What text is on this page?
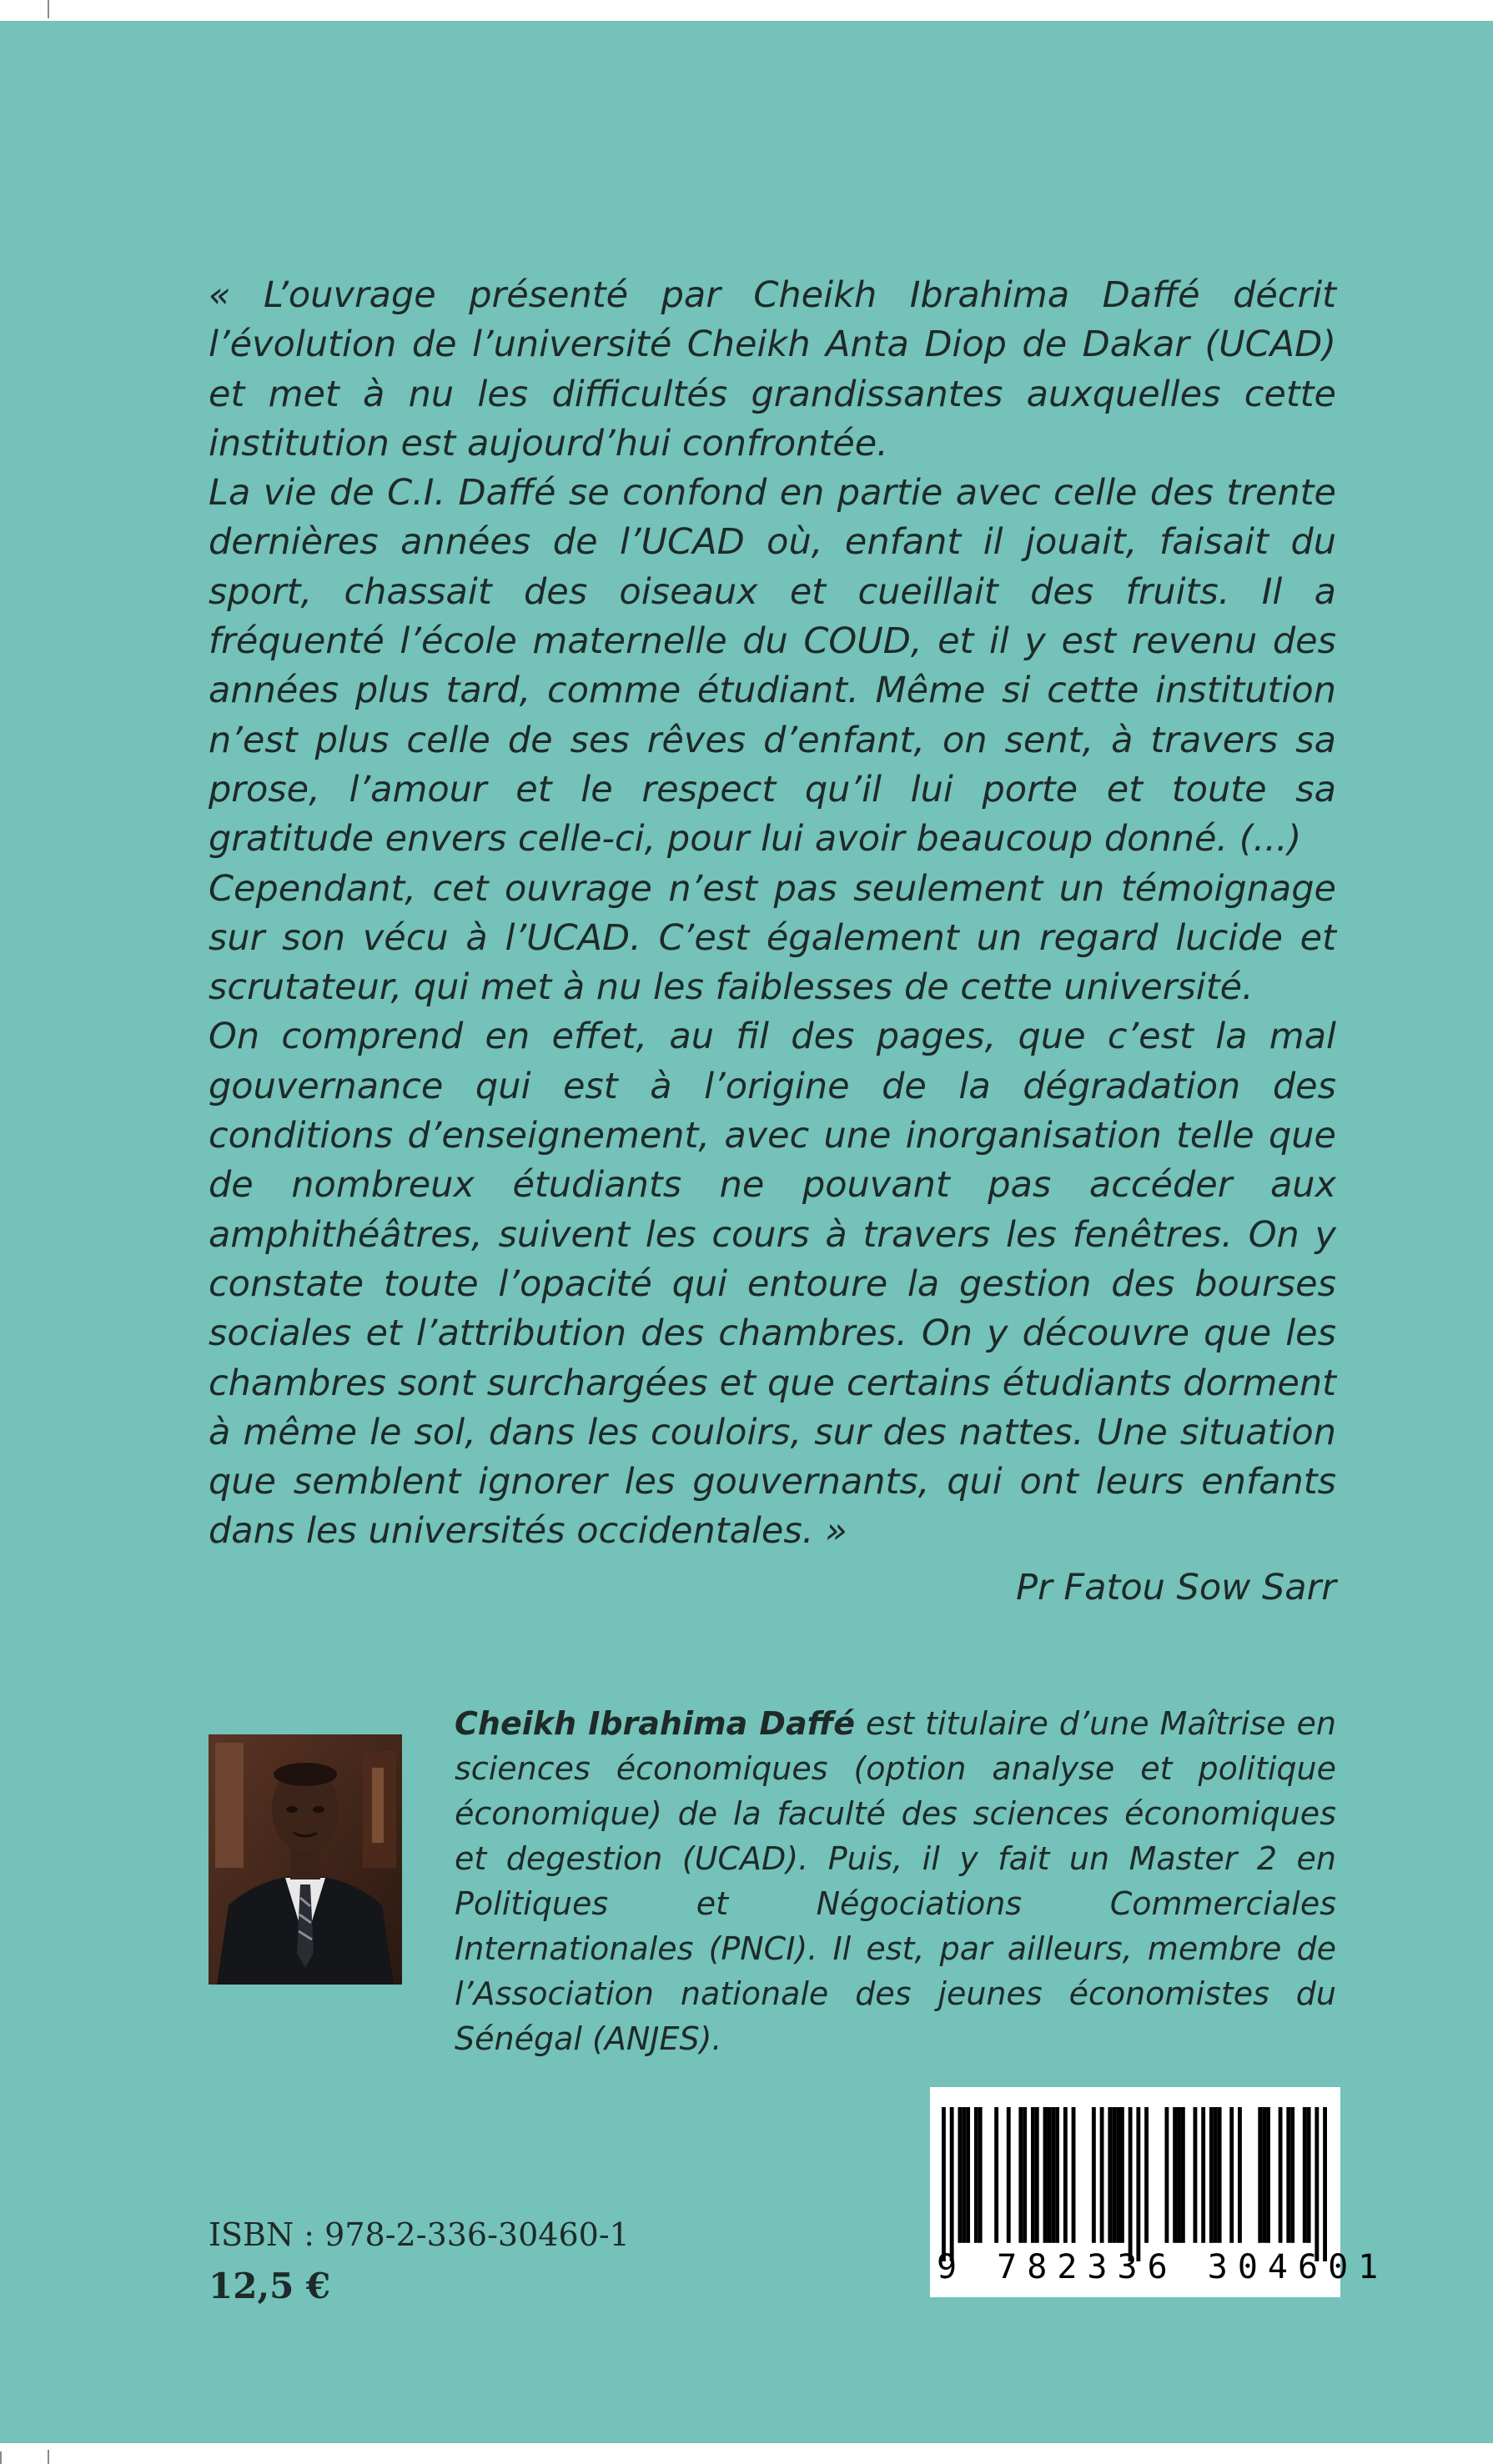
« L’ouvrage présenté par Cheikh Ibrahima Daffé décrit l’évolution de l’université Cheikh Anta Diop de Dakar (UCAD) et met à nu les difficultés grandissantes auxquelles cette institution est aujourd’hui confrontée.

La vie de C.I. Daffé se confond en partie avec celle des trente dernières années de l’UCAD où, enfant il jouait, faisait du sport, chassait des oiseaux et cueillait des fruits. Il a fréquenté l’école maternelle du COUD, et il y est revenu des années plus tard, comme étudiant. Même si cette institution n’est plus celle de ses rêves d’enfant, on sent, à travers sa prose, l’amour et le respect qu’il lui porte et toute sa gratitude envers celle-ci, pour lui avoir beaucoup donné. (...)

Cependant, cet ouvrage n’est pas seulement un témoignage sur son vécu à l’UCAD. C’est également un regard lucide et scrutateur, qui met à nu les faiblesses de cette université.

On comprend en effet, au fil des pages, que c’est la mal gouvernance qui est à l’origine de la dégradation des conditions d’enseignement, avec une inorganisation telle que de nombreux étudiants ne pouvant pas accéder aux amphithéâtres, suivent les cours à travers les fenêtres. On y constate toute l’opacité qui entoure la gestion des bourses sociales et l’attribution des chambres. On y découvre que les chambres sont surchargées et que certains étudiants dorment à même le sol, dans les couloirs, sur des nattes. Une situation que semblent ignorer les gouvernants, qui ont leurs enfants dans les universités occidentales. »

Pr Fatou Sow Sarr
Cheikh Ibrahima Daffé est titulaire d’une Maîtrise en sciences économiques (option analyse et politique économique) de la faculté des sciences économiques et degestion (UCAD). Puis, il y fait un Master 2 en Politiques et Négociations Commerciales Internationales (PNCI). Il est, par ailleurs, membre de l’Association nationale des jeunes économistes du Sénégal (ANJES).
ISBN : 978-2-336-30460-1
12,5 €	9 782336 304601
